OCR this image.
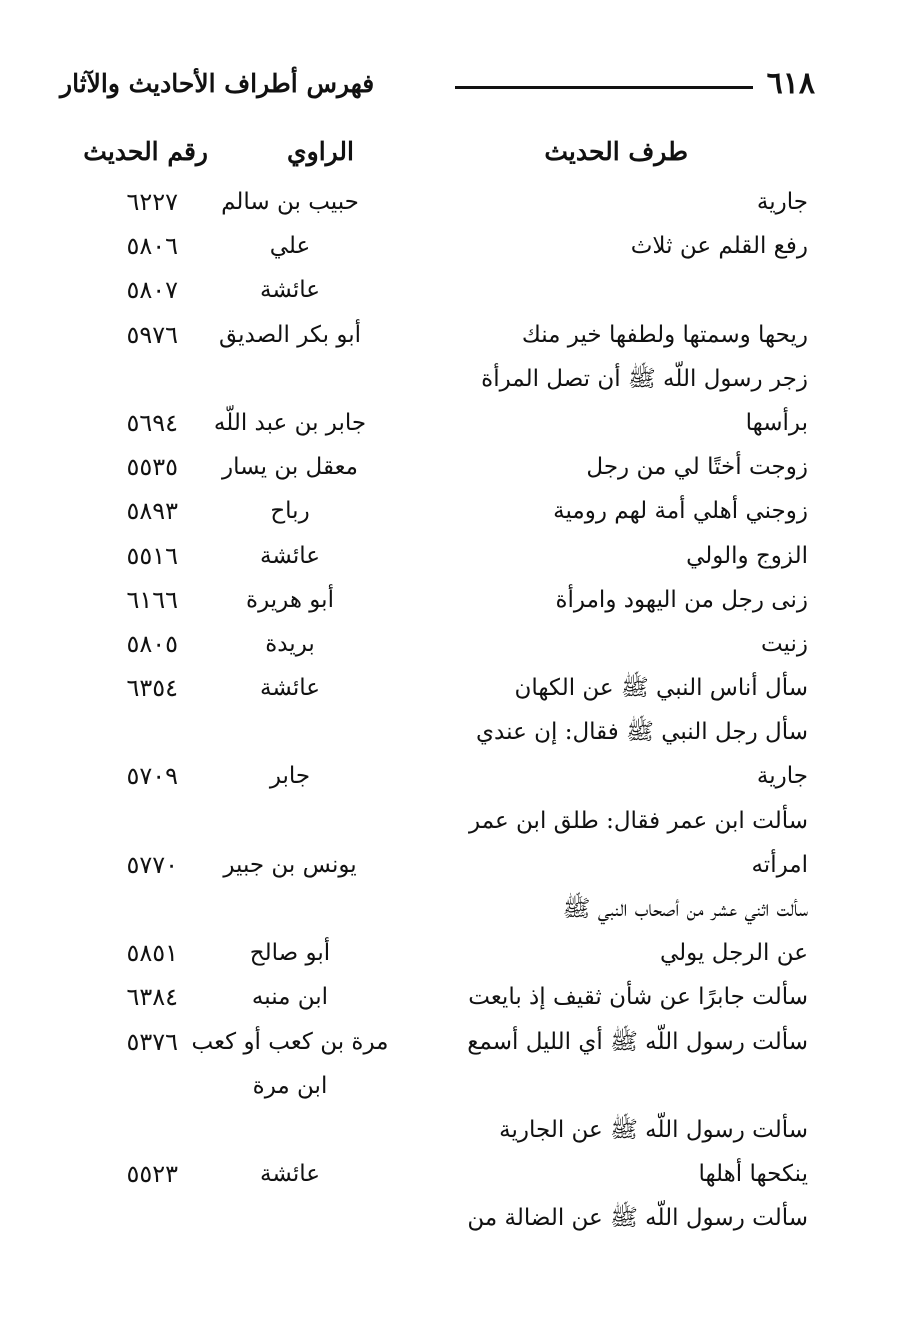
٦١٨
فهرس أطراف الأحاديث والآثار
طرف الحديث
الراوي
رقم الحديث
جارية
حبيب بن سالم
٦٢٢٧
رفع القلم عن ثلاث
علي
٥٨٠٦
عائشة
٥٨٠٧
ريحها وسمتها ولطفها خير منك
أبو بكر الصديق
٥٩٧٦
زجر رسول اللّه ﷺ أن تصل المرأة
برأسها
جابر بن عبد اللّه
٥٦٩٤
زوجت أختًا لي من رجل
معقل بن يسار
٥٥٣٥
زوجني أهلي أمة لهم رومية
رباح
٥٨٩٣
الزوج والولي
عائشة
٥٥١٦
زنى رجل من اليهود وامرأة
أبو هريرة
٦١٦٦
زنيت
بريدة
٥٨٠٥
سأل أناس النبي ﷺ عن الكهان
عائشة
٦٣٥٤
سأل رجل النبي ﷺ فقال: إن عندي
جارية
جابر
٥٧٠٩
سألت ابن عمر فقال: طلق ابن عمر
امرأته
يونس بن جبير
٥٧٧٠
سألت اثني عشر من أصحاب النبي ﷺ
عن الرجل يولي
أبو صالح
٥٨٥١
سألت جابرًا عن شأن ثقيف إذ بايعت
ابن منبه
٦٣٨٤
سألت رسول اللّه ﷺ أي الليل أسمع
مرة بن كعب أو كعب
٥٣٧٦
ابن مرة
سألت رسول اللّه ﷺ عن الجارية
ينكحها أهلها
عائشة
٥٥٢٣
سألت رسول اللّه ﷺ عن الضالة من
